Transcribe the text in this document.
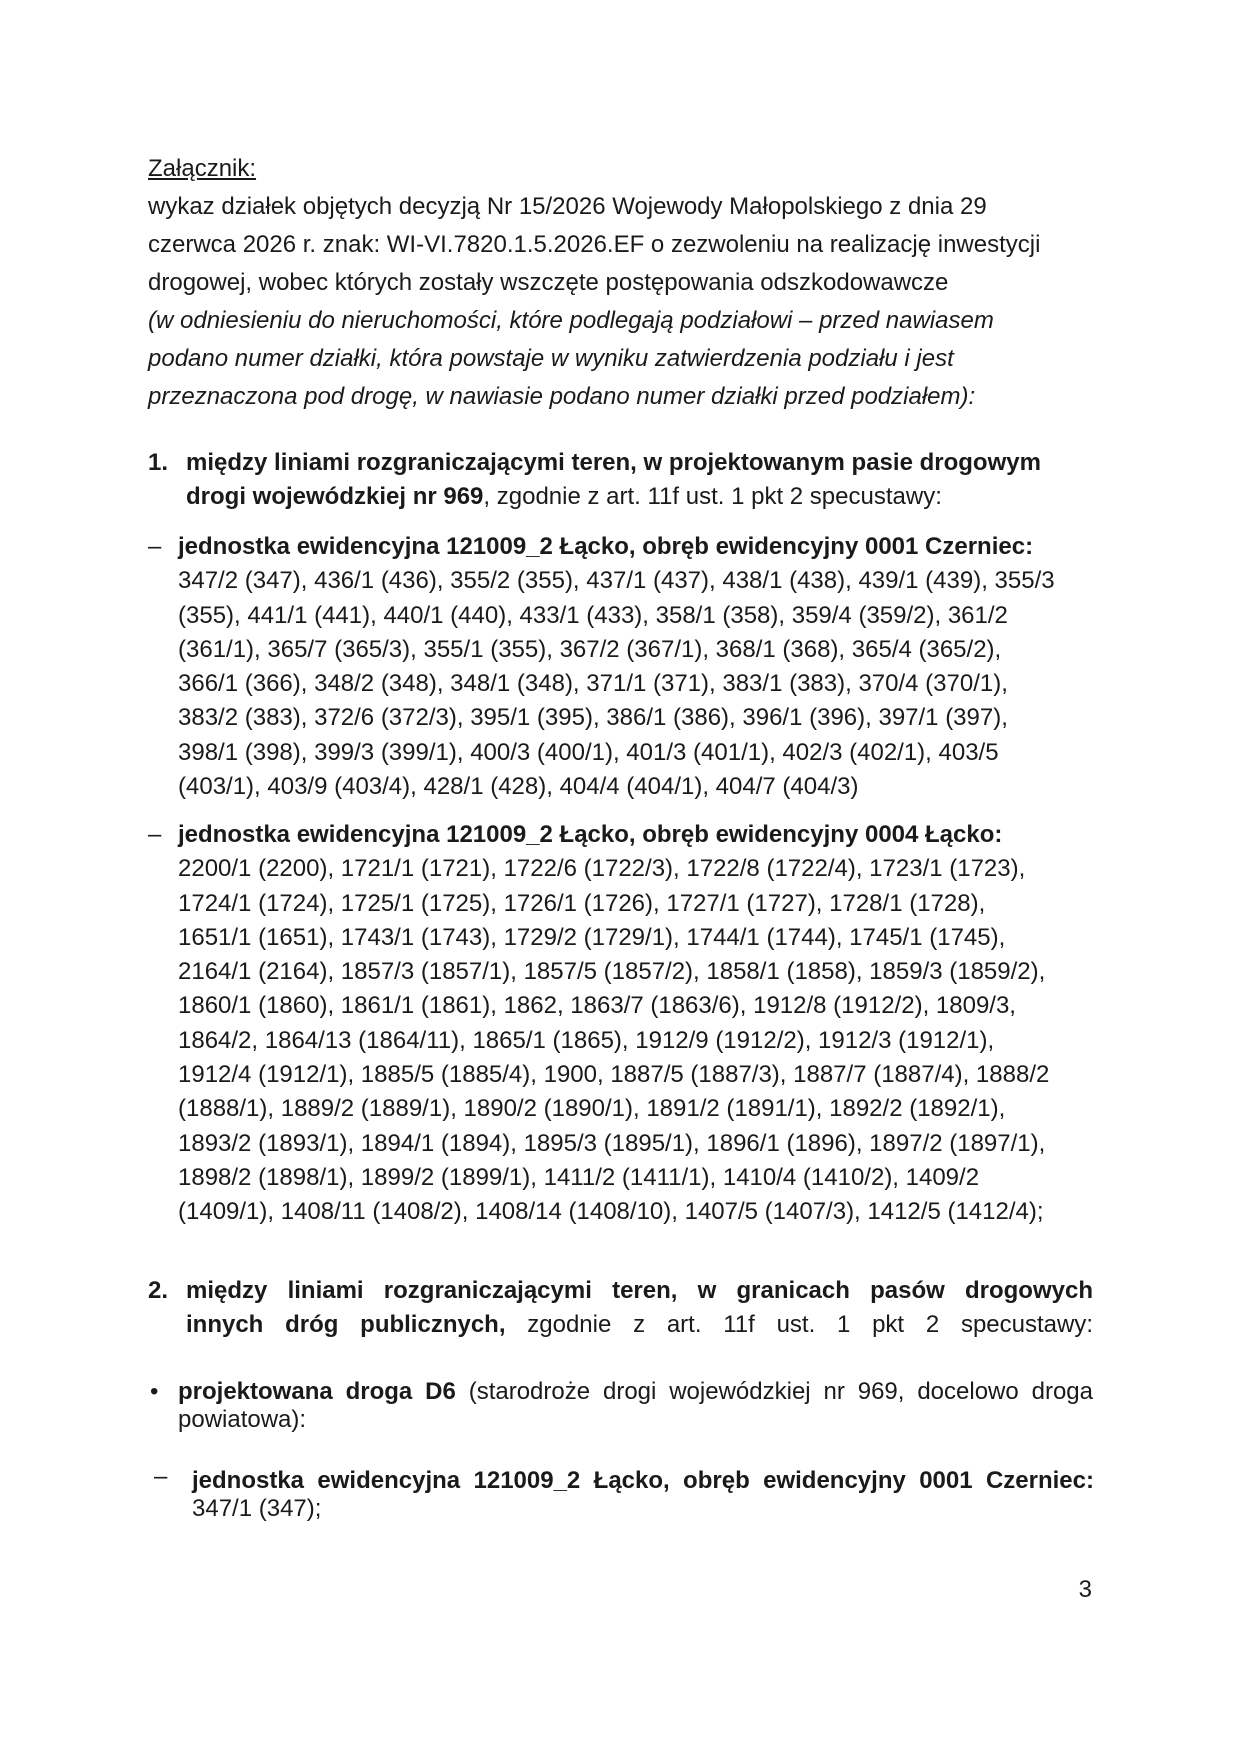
Załącznik:
wykaz działek objętych decyzją Nr 15/2026 Wojewody Małopolskiego z dnia 29
czerwca 2026 r. znak: WI-VI.7820.1.5.2026.EF o zezwoleniu na realizację inwestycji
drogowej, wobec których zostały wszczęte postępowania odszkodowawcze
(w odniesieniu do nieruchomości, które podlegają podziałowi – przed nawiasem
podano numer działki, która powstaje w wyniku zatwierdzenia podziału i jest
przeznaczona pod drogę, w nawiasie podano numer działki przed podziałem):
1. między liniami rozgraniczającymi teren, w projektowanym pasie drogowym
drogi wojewódzkiej nr 969, zgodnie z art. 11f ust. 1 pkt 2 specustawy:
– jednostka ewidencyjna 121009_2 Łącko, obręb ewidencyjny 0001 Czerniec:
347/2 (347), 436/1 (436), 355/2 (355), 437/1 (437), 438/1 (438), 439/1 (439), 355/3
(355), 441/1 (441), 440/1 (440), 433/1 (433), 358/1 (358), 359/4 (359/2), 361/2
(361/1), 365/7 (365/3), 355/1 (355), 367/2 (367/1), 368/1 (368), 365/4 (365/2),
366/1 (366), 348/2 (348), 348/1 (348), 371/1 (371), 383/1 (383), 370/4 (370/1),
383/2 (383), 372/6 (372/3), 395/1 (395), 386/1 (386), 396/1 (396), 397/1 (397),
398/1 (398), 399/3 (399/1), 400/3 (400/1), 401/3 (401/1), 402/3 (402/1), 403/5
(403/1), 403/9 (403/4), 428/1 (428), 404/4 (404/1), 404/7 (404/3)
– jednostka ewidencyjna 121009_2 Łącko, obręb ewidencyjny 0004 Łącko:
2200/1 (2200), 1721/1 (1721), 1722/6 (1722/3), 1722/8 (1722/4), 1723/1 (1723),
1724/1 (1724), 1725/1 (1725), 1726/1 (1726), 1727/1 (1727), 1728/1 (1728),
1651/1 (1651), 1743/1 (1743), 1729/2 (1729/1), 1744/1 (1744), 1745/1 (1745),
2164/1 (2164), 1857/3 (1857/1), 1857/5 (1857/2), 1858/1 (1858), 1859/3 (1859/2),
1860/1 (1860), 1861/1 (1861), 1862, 1863/7 (1863/6), 1912/8 (1912/2), 1809/3,
1864/2, 1864/13 (1864/11), 1865/1 (1865), 1912/9 (1912/2), 1912/3 (1912/1),
1912/4 (1912/1), 1885/5 (1885/4), 1900, 1887/5 (1887/3), 1887/7 (1887/4), 1888/2
(1888/1), 1889/2 (1889/1), 1890/2 (1890/1), 1891/2 (1891/1), 1892/2 (1892/1),
1893/2 (1893/1), 1894/1 (1894), 1895/3 (1895/1), 1896/1 (1896), 1897/2 (1897/1),
1898/2 (1898/1), 1899/2 (1899/1), 1411/2 (1411/1), 1410/4 (1410/2), 1409/2
(1409/1), 1408/11 (1408/2), 1408/14 (1408/10), 1407/5 (1407/3), 1412/5 (1412/4);
2. między liniami rozgraniczającymi teren, w granicach pasów drogowych
innych dróg publicznych, zgodnie z art. 11f ust. 1 pkt 2 specustawy:
• projektowana droga D6 (starodroże drogi wojewódzkiej nr 969, docelowo droga powiatowa):
– jednostka ewidencyjna 121009_2 Łącko, obręb ewidencyjny 0001 Czerniec:
347/1 (347);
3
